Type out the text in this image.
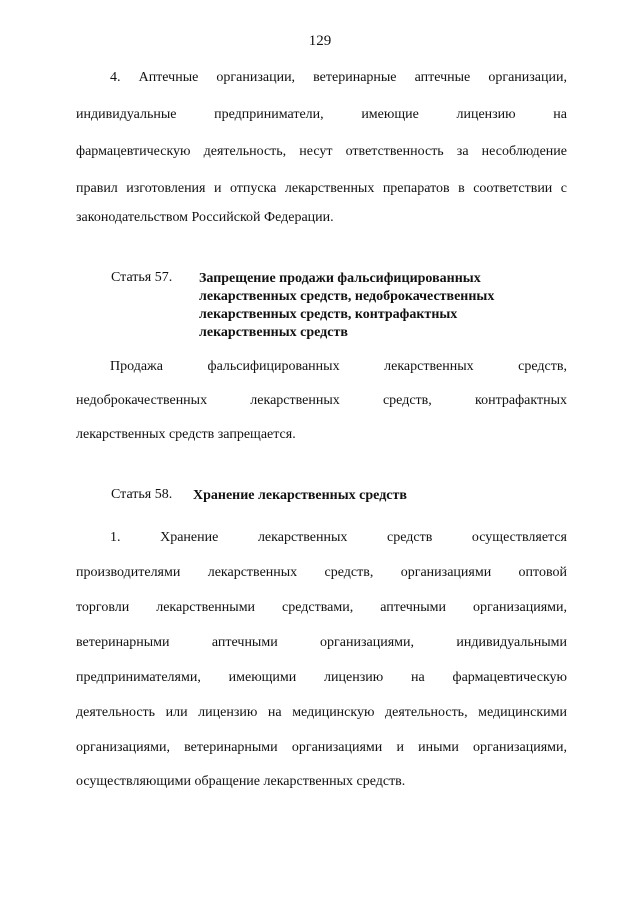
129
4. Аптечные организации, ветеринарные аптечные организации,
индивидуальные предприниматели, имеющие лицензию на
фармацевтическую деятельность, несут ответственность за несоблюдение
правил изготовления и отпуска лекарственных препаратов в соответствии с
законодательством Российской Федерации.
Статья 57. Запрещение продажи фальсифицированных
лекарственных средств, недоброкачественных
лекарственных средств, контрафактных
лекарственных средств
Продажа фальсифицированных лекарственных средств,
недоброкачественных лекарственных средств, контрафактных
лекарственных средств запрещается.
Статья 58. Хранение лекарственных средств
1. Хранение лекарственных средств осуществляется
производителями лекарственных средств, организациями оптовой
торговли лекарственными средствами, аптечными организациями,
ветеринарными аптечными организациями, индивидуальными
предпринимателями, имеющими лицензию на фармацевтическую
деятельность или лицензию на медицинскую деятельность, медицинскими
организациями, ветеринарными организациями и иными организациями,
осуществляющими обращение лекарственных средств.
